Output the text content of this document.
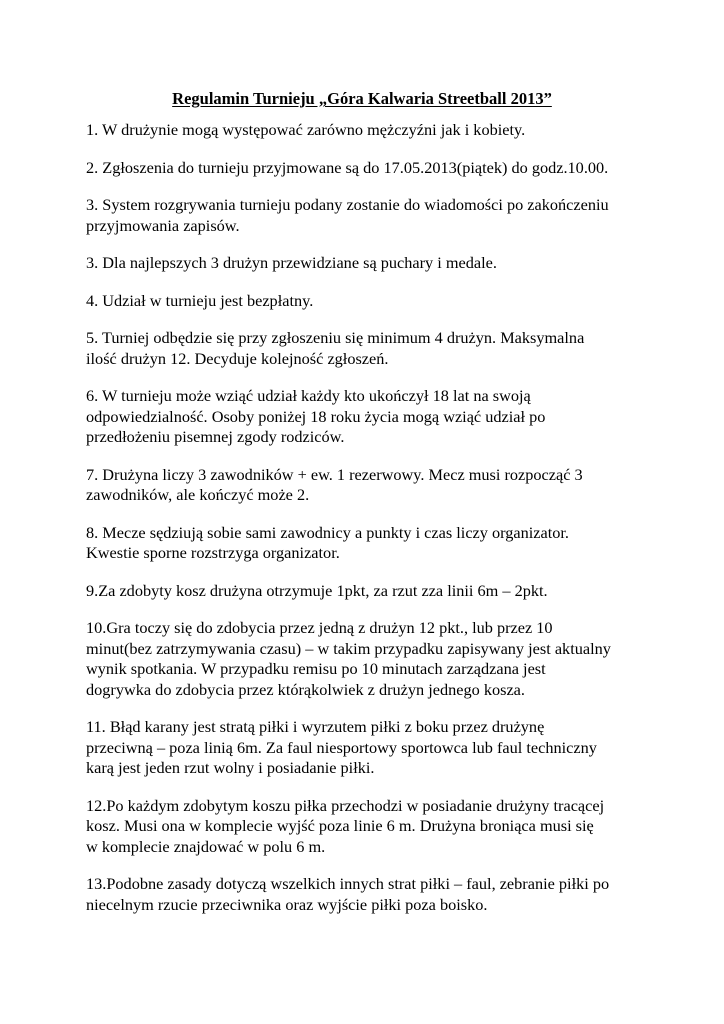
Regulamin Turnieju „Góra Kalwaria Streetball 2013”
1. W drużynie mogą występować zarówno mężczyźni jak i kobiety.
2. Zgłoszenia do turnieju przyjmowane są do 17.05.2013(piątek) do godz.10.00.
3. System rozgrywania turnieju podany zostanie do wiadomości po zakończeniu
przyjmowania zapisów.
3. Dla najlepszych 3 drużyn przewidziane są puchary i medale.
4. Udział w turnieju jest bezpłatny.
5. Turniej odbędzie się przy zgłoszeniu się minimum 4 drużyn. Maksymalna
ilość drużyn 12. Decyduje kolejność zgłoszeń.
6. W turnieju może wziąć udział każdy kto ukończył 18 lat na swoją
odpowiedzialność. Osoby poniżej 18 roku życia mogą wziąć udział po
przedłożeniu pisemnej zgody rodziców.
7. Drużyna liczy 3 zawodników + ew. 1 rezerwowy. Mecz musi rozpocząć 3
zawodników, ale kończyć może 2.
8. Mecze sędziują sobie sami zawodnicy a punkty i czas liczy organizator.
Kwestie sporne rozstrzyga organizator.
9.Za zdobyty kosz drużyna otrzymuje 1pkt, za rzut zza linii 6m – 2pkt.
10.Gra toczy się do zdobycia przez jedną z drużyn 12 pkt., lub przez 10
minut(bez zatrzymywania czasu) – w takim przypadku zapisywany jest aktualny
wynik spotkania. W przypadku remisu po 10 minutach zarządzana jest
dogrywka do zdobycia przez którąkolwiek z drużyn jednego kosza.
11. Błąd karany jest stratą piłki i wyrzutem piłki z boku przez drużynę
przeciwną – poza linią 6m. Za faul niesportowy sportowca lub faul techniczny
karą jest jeden rzut wolny i posiadanie piłki.
12.Po każdym zdobytym koszu piłka przechodzi w posiadanie drużyny tracącej
kosz. Musi ona w komplecie wyjść poza linie 6 m. Drużyna broniąca musi się
w komplecie znajdować w polu 6 m.
13.Podobne zasady dotyczą wszelkich innych strat piłki – faul, zebranie piłki po
niecelnym rzucie przeciwnika oraz wyjście piłki poza boisko.
